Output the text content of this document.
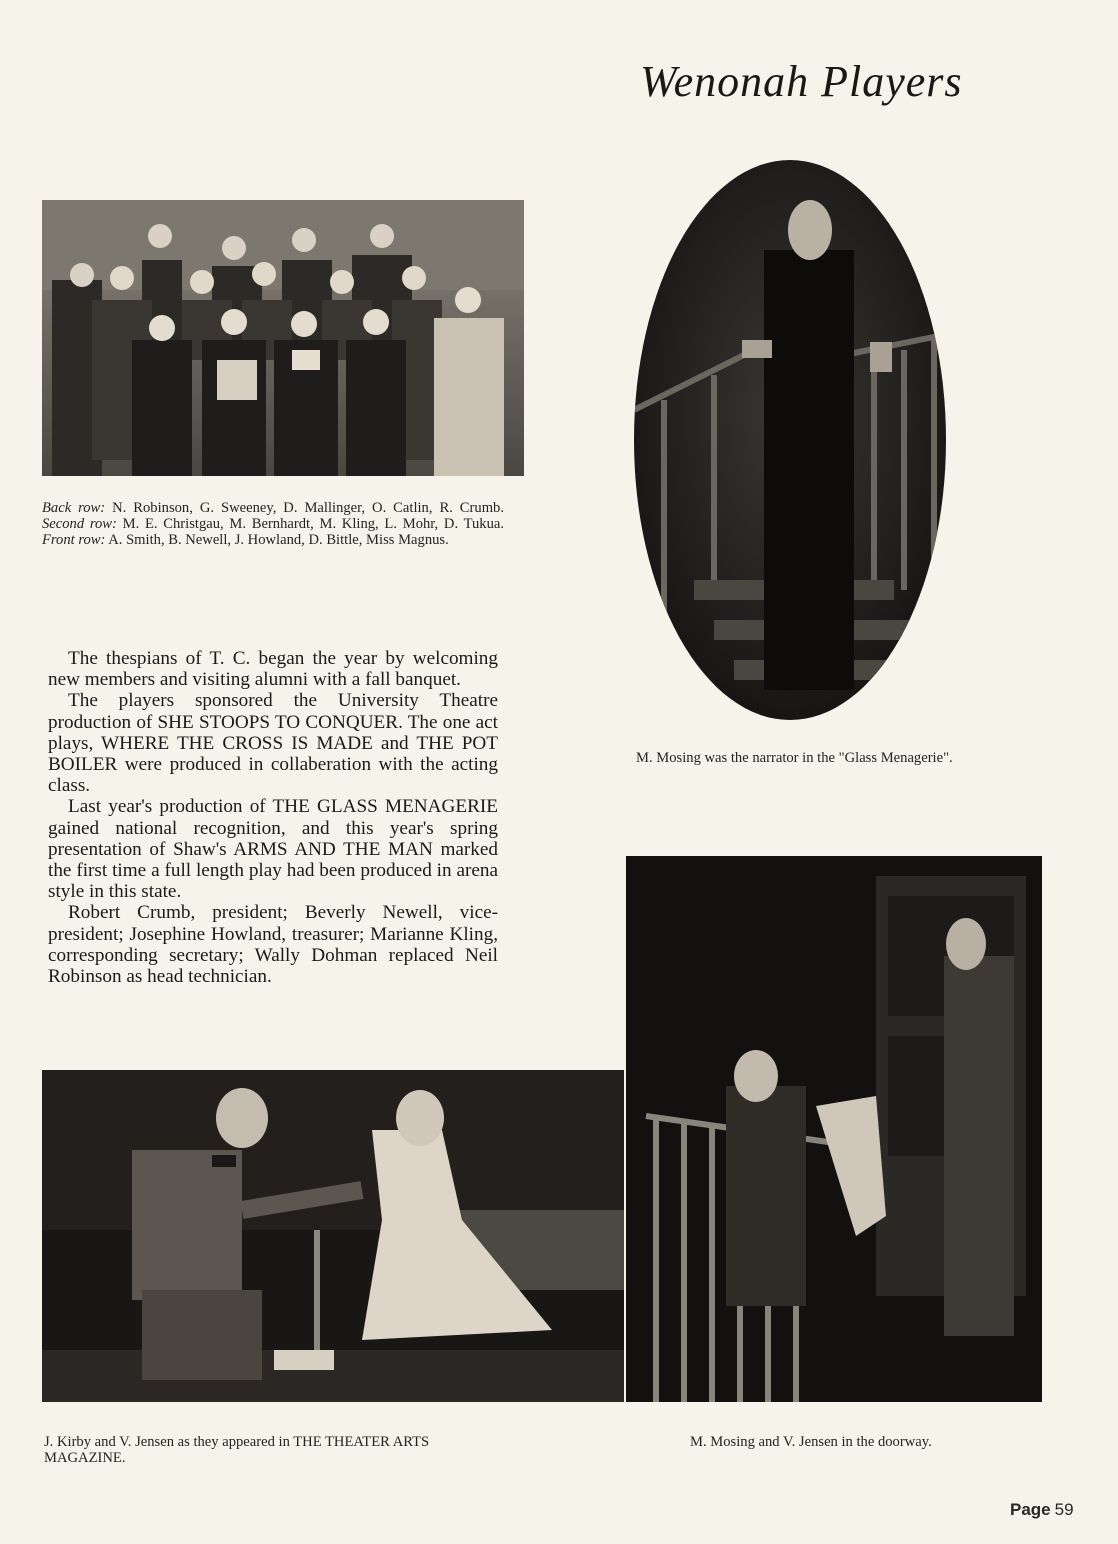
Wenonah Players
Back row: N. Robinson, G. Sweeney, D. Mallinger, O. Catlin, R. Crumb. Second row: M. E. Christgau, M. Bernhardt, M. Kling, L. Mohr, D. Tukua. Front row: A. Smith, B. Newell, J. Howland, D. Bittle, Miss Magnus.
M. Mosing was the narrator in the "Glass Menagerie".

The thespians of T. C. began the year by welcoming new members and visiting alumni with a fall banquet.

The players sponsored the University Theatre production of SHE STOOPS TO CONQUER. The one act plays, WHERE THE CROSS IS MADE and THE POT BOILER were produced in collaberation with the acting class.

Last year's production of THE GLASS MENAGERIE gained national recognition, and this year's spring presentation of Shaw's ARMS AND THE MAN marked the first time a full length play had been produced in arena style in this state.

Robert Crumb, president; Beverly Newell, vice-president; Josephine Howland, treasurer; Marianne Kling, corresponding secretary; Wally Dohman replaced Neil Robinson as head technician.

M. Mosing and V. Jensen in the doorway.
J. Kirby and V. Jensen as they appeared in THE THEATER ARTS MAGAZINE.
Page 59
